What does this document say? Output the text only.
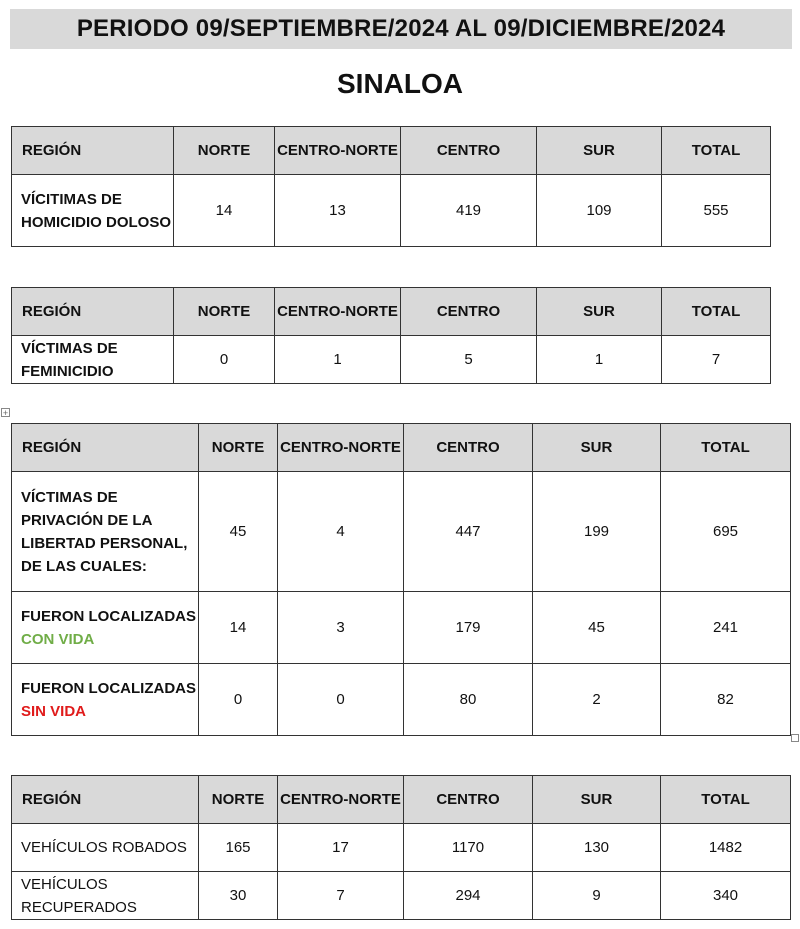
PERIODO 09/SEPTIEMBRE/2024 AL 09/DICIEMBRE/2024
SINALOA
REGIÓN	NORTE	CENTRO-NORTE	CENTRO	SUR	TOTAL
VÍCITIMAS DE HOMICIDIO DOLOSO	14	13	419	109	555
REGIÓN	NORTE	CENTRO-NORTE	CENTRO	SUR	TOTAL
VÍCTIMAS DE FEMINICIDIO	0	1	5	1	7
+
REGIÓN	NORTE	CENTRO-NORTE	CENTRO	SUR	TOTAL
VÍCTIMAS DE PRIVACIÓN DE LA LIBERTAD PERSONAL, DE LAS CUALES:	45	4	447	199	695
FUERON LOCALIZADAS CON VIDA	14	3	179	45	241
FUERON LOCALIZADAS SIN VIDA	0	0	80	2	82
REGIÓN	NORTE	CENTRO-NORTE	CENTRO	SUR	TOTAL
VEHÍCULOS ROBADOS	165	17	1170	130	1482
VEHÍCULOS RECUPERADOS	30	7	294	9	340
